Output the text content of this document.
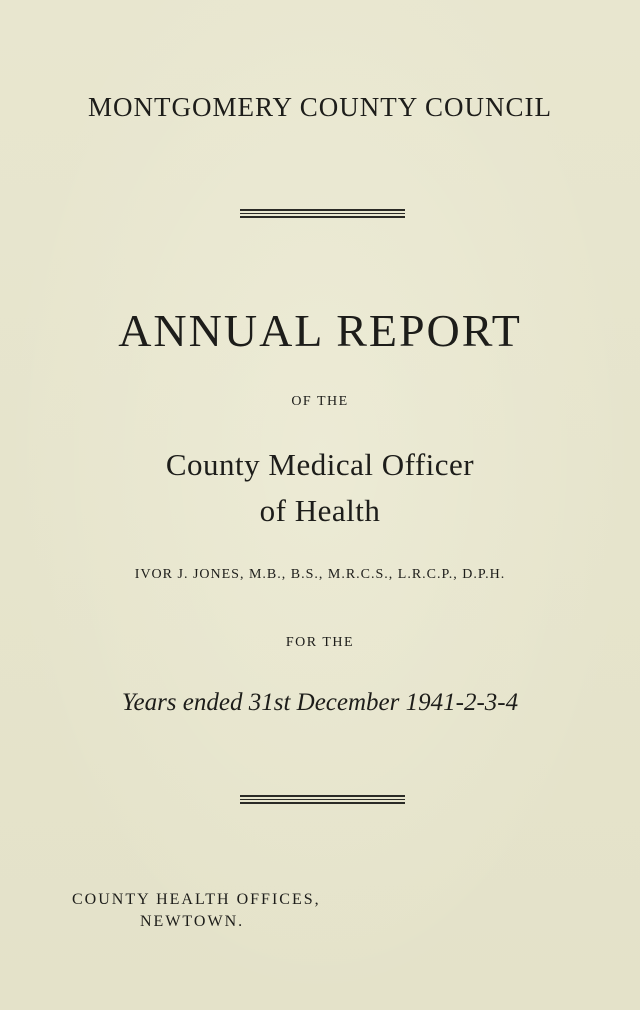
MONTGOMERY COUNTY COUNCIL
ANNUAL REPORT
OF THE
County Medical Officer
of Health
IVOR J. JONES, M.B., B.S., M.R.C.S., L.R.C.P., D.P.H.
FOR THE
Years ended 31st December 1941-2-3-4
COUNTY HEALTH OFFICES,
NEWTOWN.
